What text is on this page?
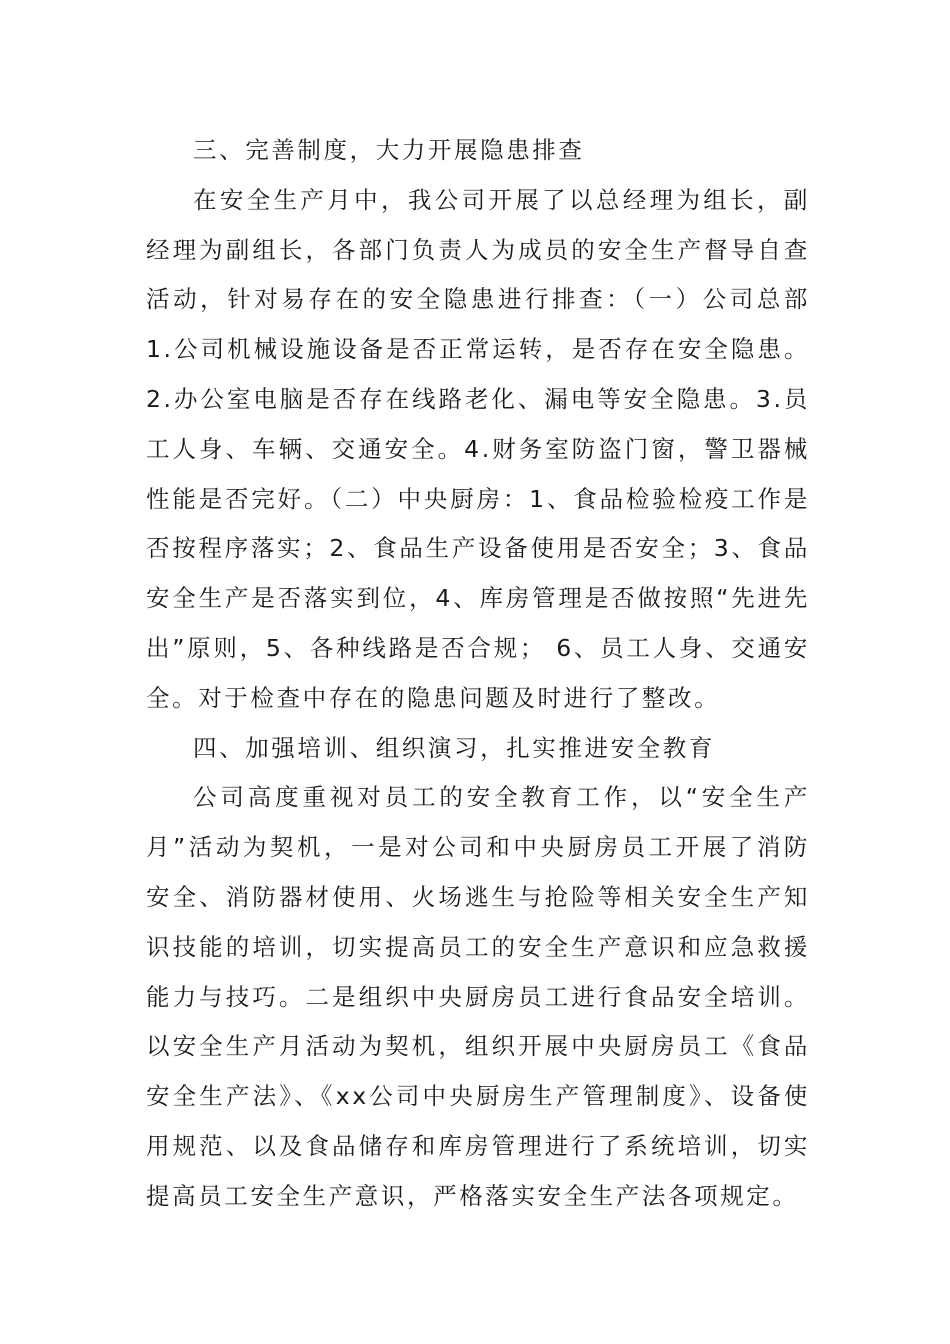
三、完善制度，大力开展隐患排查

在安全生产月中，我公司开展了以总经理为组长，副经理为副组长，各部门负责人为成员的安全生产督导自查活动，针对易存在的安全隐患进行排查：（一）公司总部1.公司机械设施设备是否正常运转，是否存在安全隐患。2.办公室电脑是否存在线路老化、漏电等安全隐患。3.员工人身、车辆、交通安全。4.财务室防盗门窗，警卫器械性能是否完好。（二）中央厨房：1、食品检验检疫工作是否按程序落实；2、食品生产设备使用是否安全；3、食品安全生产是否落实到位，4、库房管理是否做按照“先进先出”原则，5、各种线路是否合规； 6、员工人身、交通安全。对于检查中存在的隐患问题及时进行了整改。

四、加强培训、组织演习，扎实推进安全教育

公司高度重视对员工的安全教育工作，以“安全生产月”活动为契机，一是对公司和中央厨房员工开展了消防安全、消防器材使用、火场逃生与抢险等相关安全生产知识技能的培训，切实提高员工的安全生产意识和应急救援能力与技巧。二是组织中央厨房员工进行食品安全培训。以安全生产月活动为契机，组织开展中央厨房员工《食品安全生产法》、《xx公司中央厨房生产管理制度》、设备使用规范、以及食品储存和库房管理进行了系统培训，切实提高员工安全生产意识，严格落实安全生产法各项规定。
